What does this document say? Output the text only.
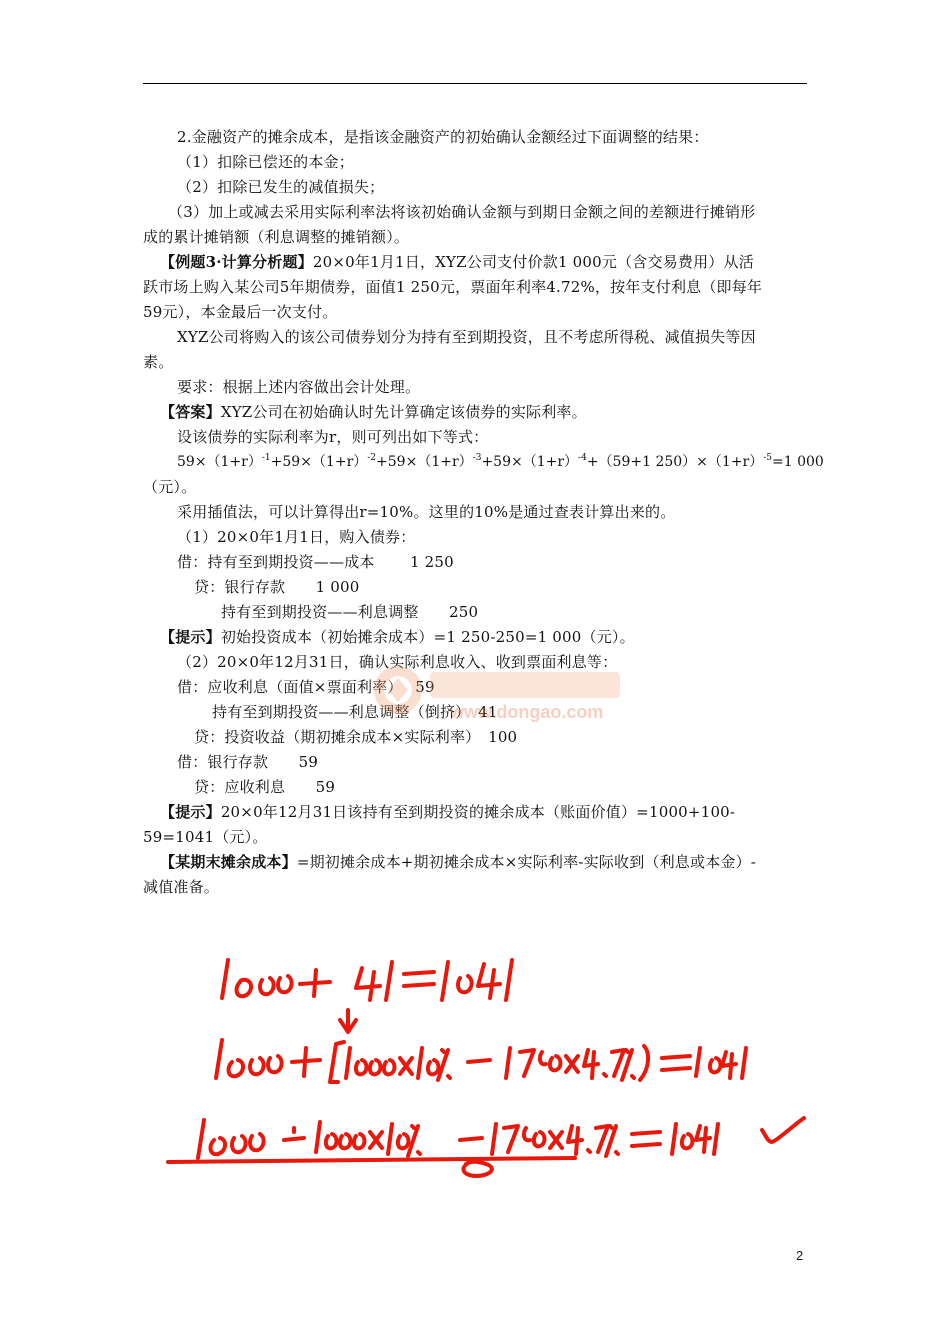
2.金融资产的摊余成本，是指该金融资产的初始确认金额经过下面调整的结果：
（1）扣除已偿还的本金；
（2）扣除已发生的减值损失；
（3）加上或减去采用实际利率法将该初始确认金额与到期日金额之间的差额进行摊销形
成的累计摊销额（利息调整的摊销额）。
【例题3·计算分析题】20×0年1月1日，XYZ公司支付价款1 000元（含交易费用）从活
跃市场上购入某公司5年期债券，面值1 250元，票面年利率4.72%，按年支付利息（即每年
59元），本金最后一次支付。
XYZ公司将购入的该公司债券划分为持有至到期投资，且不考虑所得税、减值损失等因
素。
要求：根据上述内容做出会计处理。
【答案】XYZ公司在初始确认时先计算确定该债券的实际利率。
设该债券的实际利率为r，则可列出如下等式：
$59\times(1+r)^{-1}+59\times(1+r)^{-2}+59\times(1+r)^{-3}+59\times(1+r)^{-4}+(59+1$ $250)\times(1+r)^{-5}=1$ 000
（元）。
采用插值法，可以计算得出r=10%。这里的10%是通过查表计算出来的。
（1）20×0年1月1日，购入债券：
借：持有至到期投资——成本　　 1 250
贷：银行存款　　1 000
持有至到期投资——利息调整　　250
【提示】初始投资成本（初始摊余成本）=1 250-250=1 000（元）。
（2）20×0年12月31日，确认实际利息收入、收到票面利息等：
借：应收利息（面值×票面利率）　 59
持有至到期投资——利息调整（倒挤）　41
贷：投资收益（期初摊余成本×实际利率）　100
借：银行存款　　59
贷：应收利息　　59
【提示】20×0年12月31日该持有至到期投资的摊余成本（账面价值）=1000+100-
59=1041（元）。
【某期末摊余成本】=期初摊余成本+期初摊余成本×实际利率-实际收到（利息或本金）-
减值准备。
www.dongao.com
2
